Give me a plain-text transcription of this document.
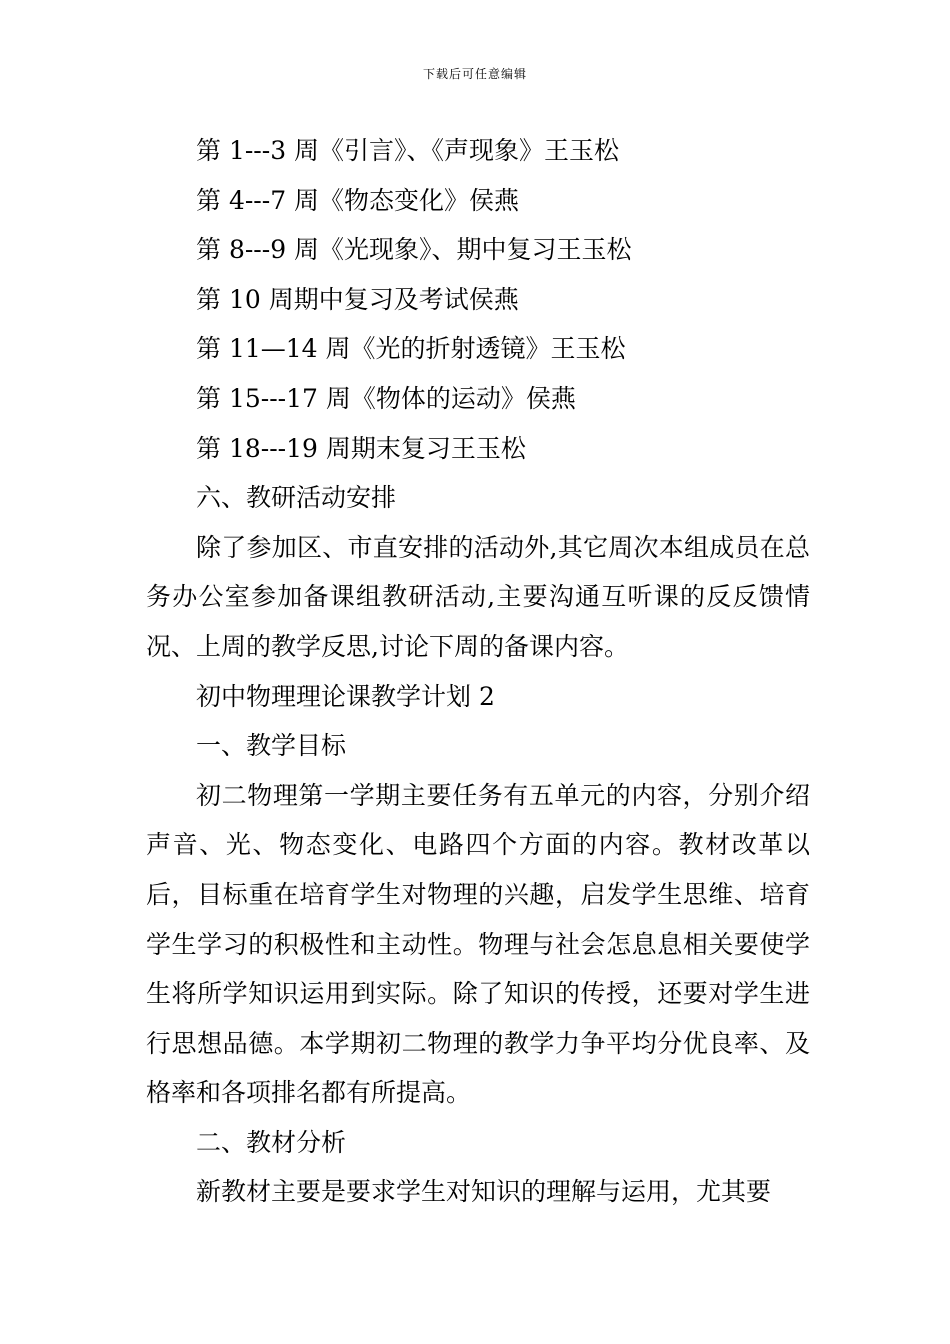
下载后可任意编辑
第 1---3 周《引言》、《声现象》王玉松
第 4---7 周《物态变化》侯燕
第 8---9 周《光现象》、期中复习王玉松
第 10 周期中复习及考试侯燕
第 11—14 周《光的折射透镜》王玉松
第 15---17 周《物体的运动》侯燕
第 18---19 周期末复习王玉松
六、教研活动安排
除了参加区、市直安排的活动外,其它周次本组成员在总务办公室参加备课组教研活动,主要沟通互听课的反反馈情况、上周的教学反思,讨论下周的备课内容。
初中物理理论课教学计划 2
一、教学目标
初二物理第一学期主要任务有五单元的内容，分别介绍声音、光、物态变化、电路四个方面的内容。教材改革以后，目标重在培育学生对物理的兴趣，启发学生思维、培育学生学习的积极性和主动性。物理与社会怎息息相关要使学生将所学知识运用到实际。除了知识的传授，还要对学生进行思想品德。本学期初二物理的教学力争平均分优良率、及格率和各项排名都有所提高。
二、教材分析
新教材主要是要求学生对知识的理解与运用，尤其要
